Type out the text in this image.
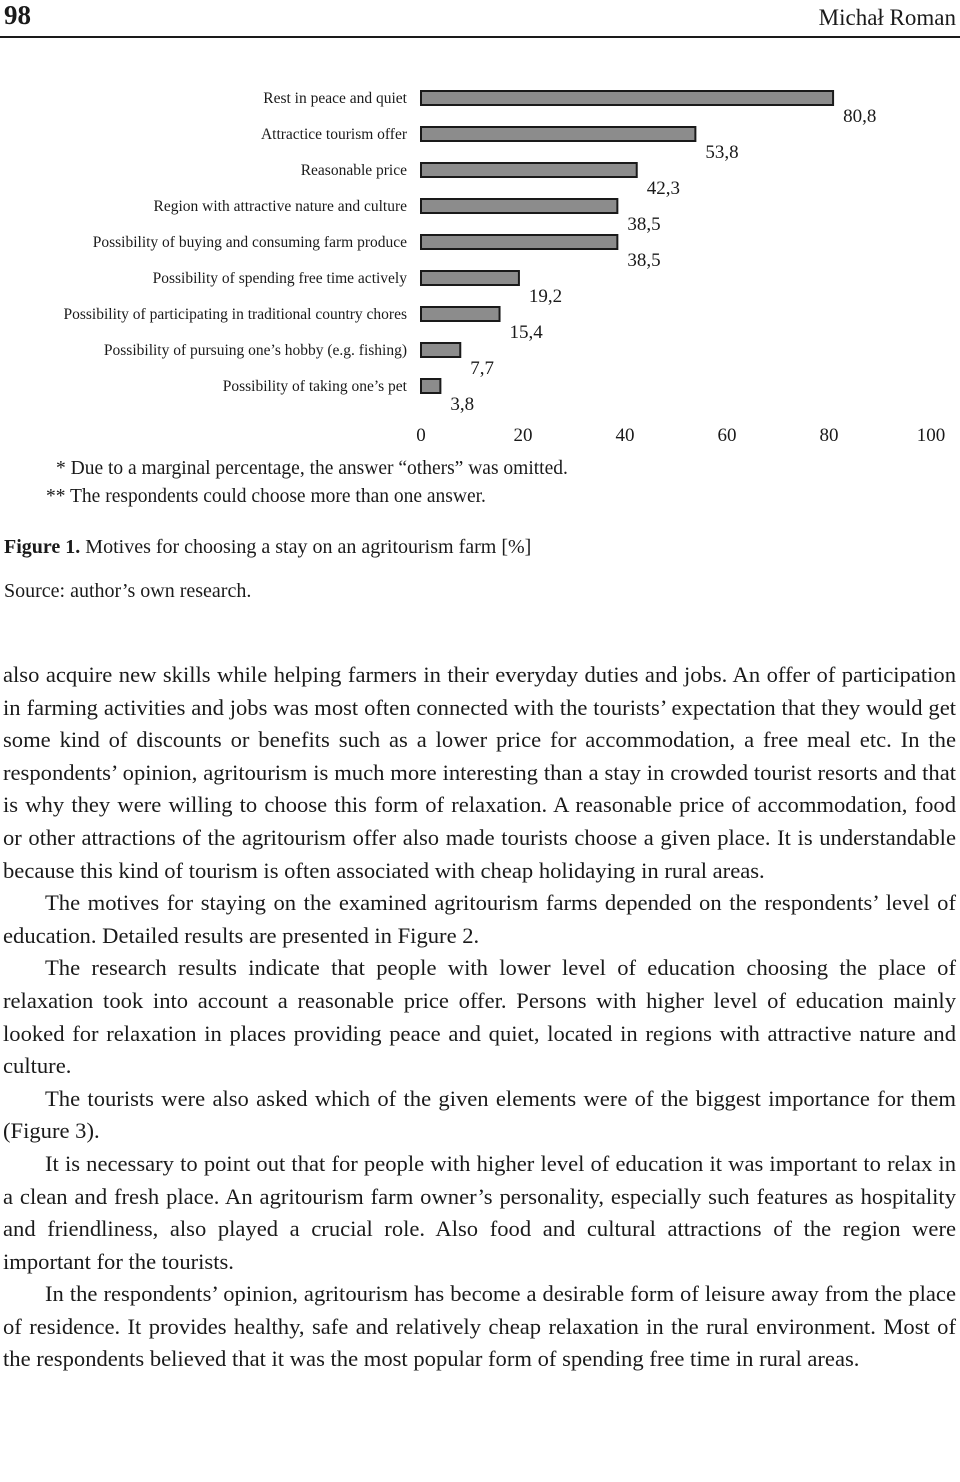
98	Michał Roman
Rest in peace and quiet
80,8
Attractice tourism offer
53,8
Reasonable price
42,3
Region with attractive nature and culture
38,5
Possibility of buying and consuming farm produce
38,5
Possibility of spending free time actively
19,2
Possibility of participating in traditional country chores
15,4
Possibility of pursuing one’s hobby (e.g. fishing)
7,7
Possibility of taking one’s pet
3,8
0	20	40	60	80	100
* Due to a marginal percentage, the answer “others” was omitted.
** The respondents could choose more than one answer.
Figure 1. Motives for choosing a stay on an agritourism farm [%]
Source: author’s own research.

also acquire new skills while helping farmers in their everyday duties and jobs. An offer of participation in farming activities and jobs was most often connected with the tourists’ expectation that they would get some kind of discounts or benefits such as a lower price for accommodation, a free meal etc. In the respondents’ opinion, agritourism is much more interesting than a stay in crowded tourist resorts and that is why they were willing to choose this form of relaxation. A reasonable price of accommodation, food or other attractions of the agritourism offer also made tourists choose a given place. It is understandable because this kind of tourism is often associated with cheap holidaying in rural areas.

The motives for staying on the examined agritourism farms depended on the respondents’ level of education. Detailed results are presented in Figure 2.

The research results indicate that people with lower level of education choosing the place of relaxation took into account a reasonable price offer. Persons with higher level of education mainly looked for relaxation in places providing peace and quiet, located in regions with attractive nature and culture.

The tourists were also asked which of the given elements were of the biggest importance for them (Figure 3).

It is necessary to point out that for people with higher level of education it was important to relax in a clean and fresh place. An agritourism farm owner’s personality, especially such features as hospitality and friendliness, also played a crucial role. Also food and cultural attractions of the region were important for the tourists.

In the respondents’ opinion, agritourism has become a desirable form of leisure away from the place of residence. It provides healthy, safe and relatively cheap relaxation in the rural environment. Most of the respondents believed that it was the most popular form of spending free time in rural areas.
